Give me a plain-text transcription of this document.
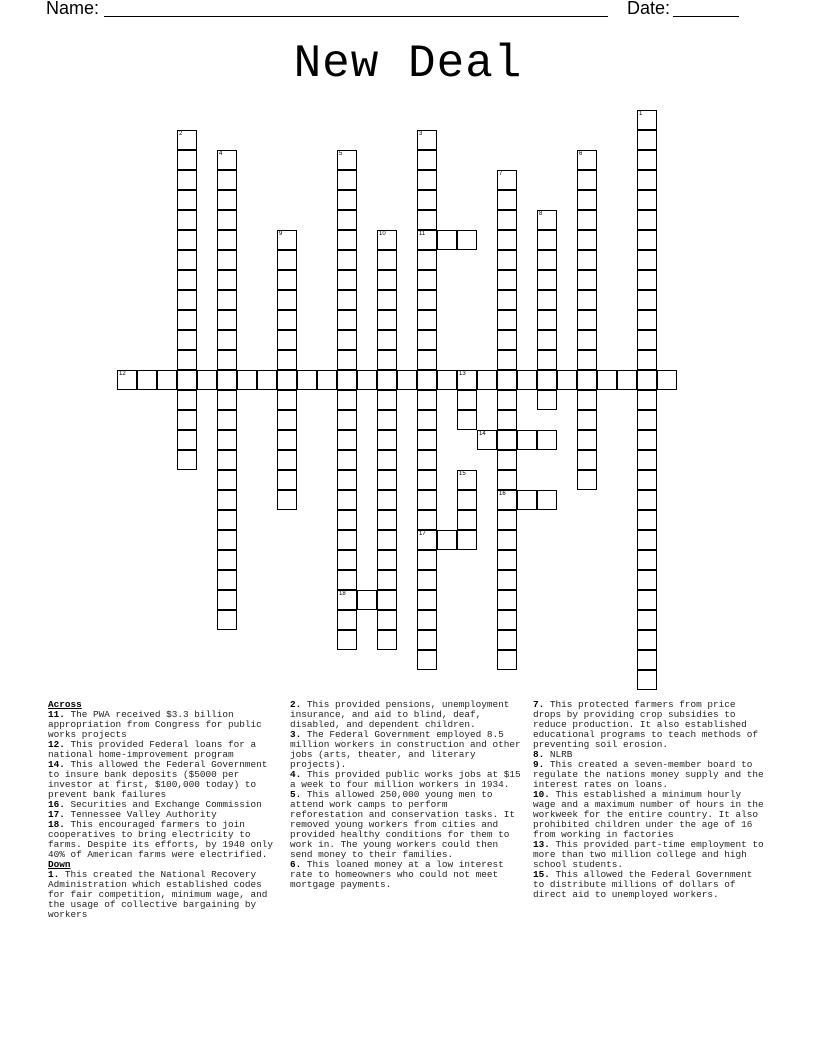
Name:	Date:
New Deal
1
2	3
11
17
4	5
18
6
7
16
8
9	10
12	13
14
15

Across

11. The PWA received $3.3 billion appropriation from Congress for public works projects

12. This provided Federal loans for a national home-improvement program

14. This allowed the Federal Government to insure bank deposits ($5000 per investor at first, $100,000 today) to prevent bank failures

16. Securities and Exchange Commission

17. Tennessee Valley Authority

18. This encouraged farmers to join cooperatives to bring electricity to farms. Despite its efforts, by 1940 only 40% of American farms were electrified.

Down

1. This created the National Recovery Administration which established codes for fair competition, minimum wage, and the usage of collective bargaining by workers

2. This provided pensions, unemployment insurance, and aid to blind, deaf, disabled, and dependent children.

3. The Federal Government employed 8.5 million workers in construction and other jobs (arts, theater, and literary projects).

4. This provided public works jobs at $15 a week to four million workers in 1934.

5. This allowed 250,000 young men to attend work camps to perform reforestation and conservation tasks. It removed young workers from cities and provided healthy conditions for them to work in. The young workers could then send money to their families.

6. This loaned money at a low interest rate to homeowners who could not meet mortgage payments.

7. This protected farmers from price drops by providing crop subsidies to reduce production. It also established educational programs to teach methods of preventing soil erosion.

8. NLRB

9. This created a seven-member board to regulate the nations money supply and the interest rates on loans.

10. This established a minimum hourly wage and a maximum number of hours in the workweek for the entire country. It also prohibited children under the age of 16 from working in factories

13. This provided part-time employment to more than two million college and high school students.

15. This allowed the Federal Government to distribute millions of dollars of direct aid to unemployed workers.
